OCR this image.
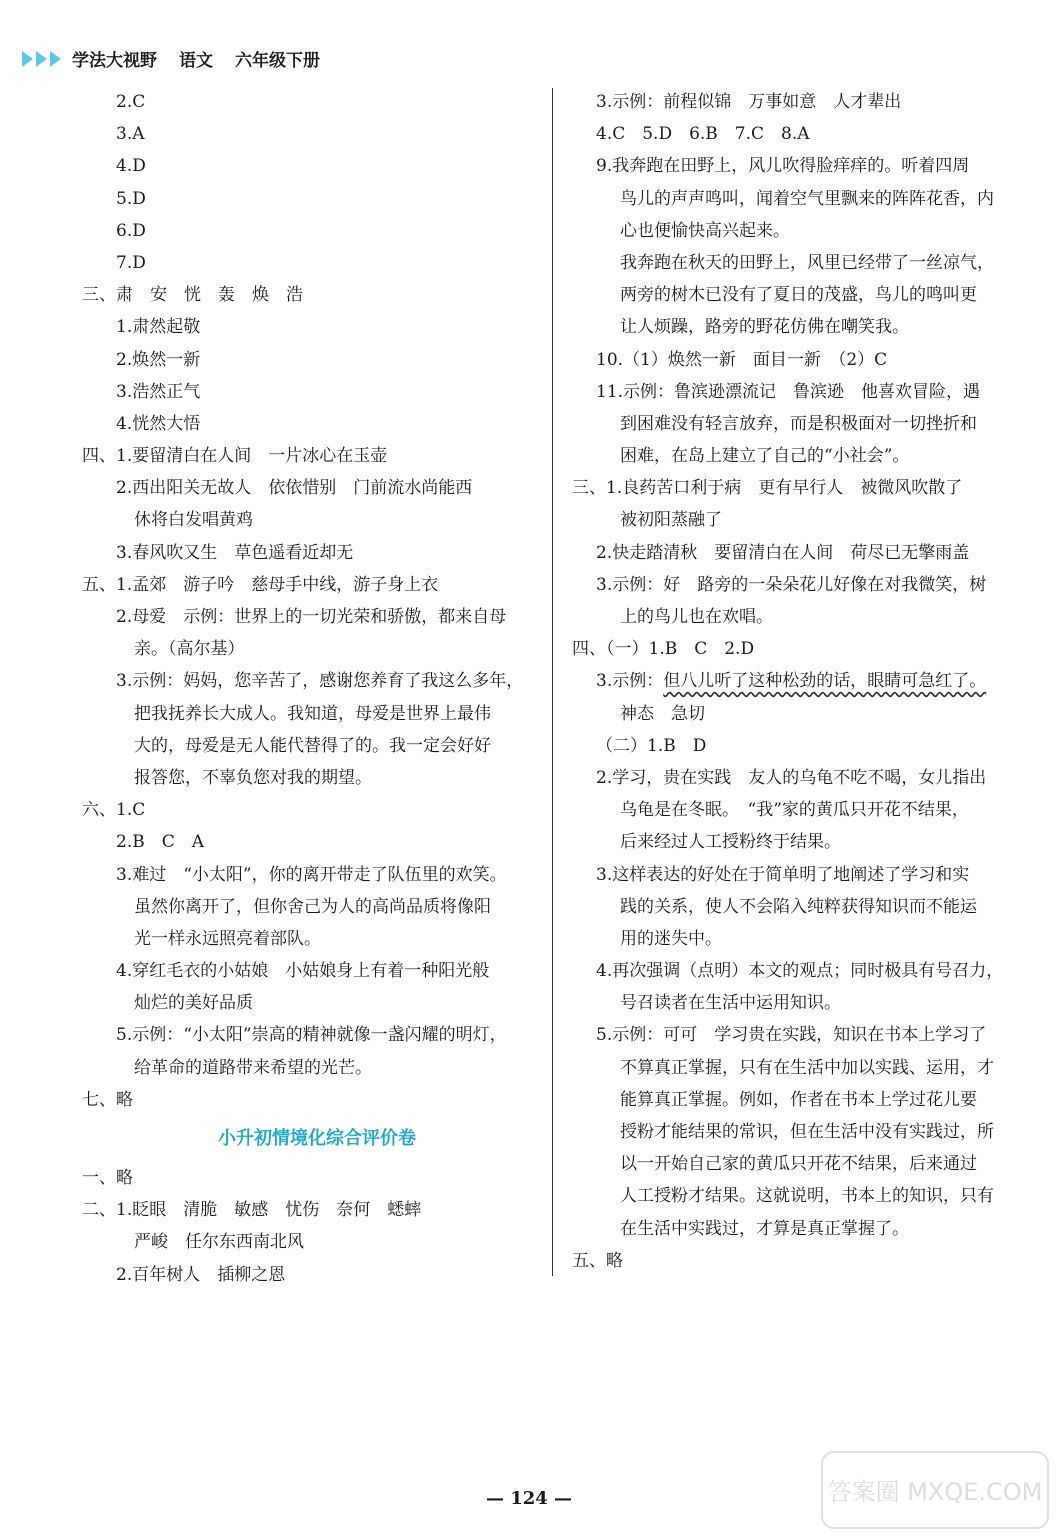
学法大视野 语文 六年级下册
2.C
3.A
4.D
5.D
6.D
7.D
三、肃　安　恍　轰　焕　浩
1.肃然起敬
2.焕然一新
3.浩然正气
4.恍然大悟
四、1.要留清白在人间　一片冰心在玉壶
2.西出阳关无故人　依依惜别　门前流水尚能西
休将白发唱黄鸡
3.春风吹又生　草色遥看近却无
五、1.孟郊　游子吟　慈母手中线，游子身上衣
2.母爱　示例：世界上的一切光荣和骄傲，都来自母
亲。（高尔基）
3.示例：妈妈，您辛苦了，感谢您养育了我这么多年，
把我抚养长大成人。我知道，母爱是世界上最伟
大的，母爱是无人能代替得了的。我一定会好好
报答您，不辜负您对我的期望。
六、1.C
2.B　C　A
3.难过　“小太阳”，你的离开带走了队伍里的欢笑。
虽然你离开了，但你舍己为人的高尚品质将像阳
光一样永远照亮着部队。
4.穿红毛衣的小姑娘　小姑娘身上有着一种阳光般
灿烂的美好品质
5.示例：“小太阳”崇高的精神就像一盏闪耀的明灯，
给革命的道路带来希望的光芒。
七、略
小升初情境化综合评价卷
一、略
二、1.眨眼　清脆　敏感　忧伤　奈何　蟋蟀
严峻　任尔东西南北风
2.百年树人　插柳之恩
3.示例：前程似锦　万事如意　人才辈出
4.C　5.D　6.B　7.C　8.A
9.我奔跑在田野上，风儿吹得脸痒痒的。听着四周
鸟儿的声声鸣叫，闻着空气里飘来的阵阵花香，内
心也便愉快高兴起来。
我奔跑在秋天的田野上，风里已经带了一丝凉气，
两旁的树木已没有了夏日的茂盛，鸟儿的鸣叫更
让人烦躁，路旁的野花仿佛在嘲笑我。
10.（1）焕然一新　面目一新　（2）C
11.示例：鲁滨逊漂流记　鲁滨逊　他喜欢冒险，遇
到困难没有轻言放弃，而是积极面对一切挫折和
困难，在岛上建立了自己的“小社会”。
三、1.良药苦口利于病　更有早行人　被微风吹散了
被初阳蒸融了
2.快走踏清秋　要留清白在人间　荷尽已无擎雨盖
3.示例：好　路旁的一朵朵花儿好像在对我微笑，树
上的鸟儿也在欢唱。
四、（一）1.B　C　2.D
3.示例：但八儿听了这种松劲的话，眼睛可急红了。
神态　急切
（二）1.B　D
2.学习，贵在实践　友人的乌龟不吃不喝，女儿指出
乌龟是在冬眠。　“我”家的黄瓜只开花不结果，
后来经过人工授粉终于结果。
3.这样表达的好处在于简单明了地阐述了学习和实
践的关系，使人不会陷入纯粹获得知识而不能运
用的迷失中。
4.再次强调（点明）本文的观点；同时极具有号召力，
号召读者在生活中运用知识。
5.示例：可可　学习贵在实践，知识在书本上学习了
不算真正掌握，只有在生活中加以实践、运用，才
能算真正掌握。例如，作者在书本上学过花儿要
授粉才能结果的常识，但在生活中没有实践过，所
以一开始自己家的黄瓜只开花不结果，后来通过
人工授粉才结果。这就说明，书本上的知识，只有
在生活中实践过，才算是真正掌握了。
五、略
— 124 —	答案圈 MXQE.COM
